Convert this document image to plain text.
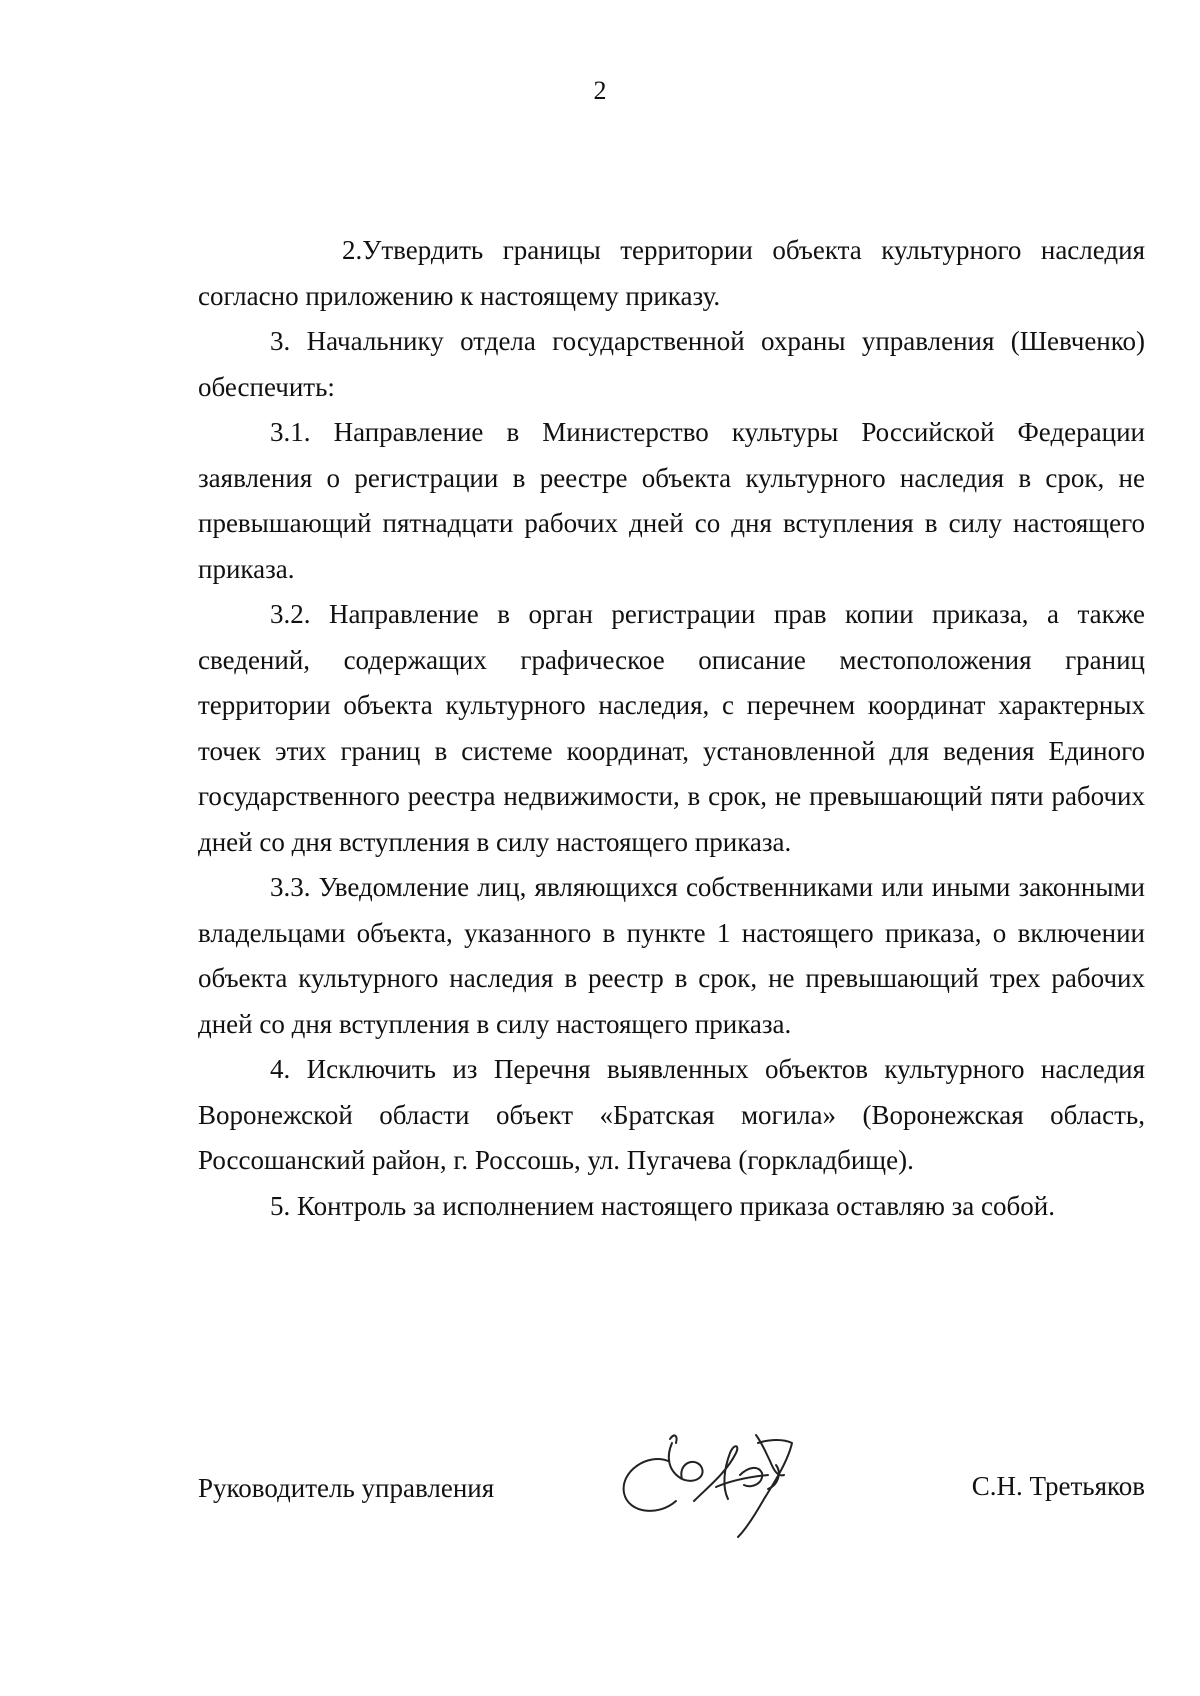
2

2.Утвердить границы территории объекта культурного наследия согласно приложению к настоящему приказу.

3. Начальнику отдела государственной охраны управления (Шевченко) обеспечить:

3.1. Направление в Министерство культуры Российской Федерации заявления о регистрации в реестре объекта культурного наследия в срок, не превышающий пятнадцати рабочих дней со дня вступления в силу настоящего приказа.

3.2. Направление в орган регистрации прав копии приказа, а также сведений, содержащих графическое описание местоположения границ территории объекта культурного наследия, с перечнем координат характерных точек этих границ в системе координат, установленной для ведения Единого государственного реестра недвижимости, в срок, не превышающий пяти рабочих дней со дня вступления в силу настоящего приказа.

3.3. Уведомление лиц, являющихся собственниками или иными законными владельцами объекта, указанного в пункте 1 настоящего приказа, о включении объекта культурного наследия в реестр в срок, не превышающий трех рабочих дней со дня вступления в силу настоящего приказа.

4. Исключить из Перечня выявленных объектов культурного наследия Воронежской области объект «Братская могила» (Воронежская область, Россошанский район, г. Россошь, ул. Пугачева (горкладбище).

5. Контроль за исполнением настоящего приказа оставляю за собой.

Руководитель управления	С.Н. Третьяков
